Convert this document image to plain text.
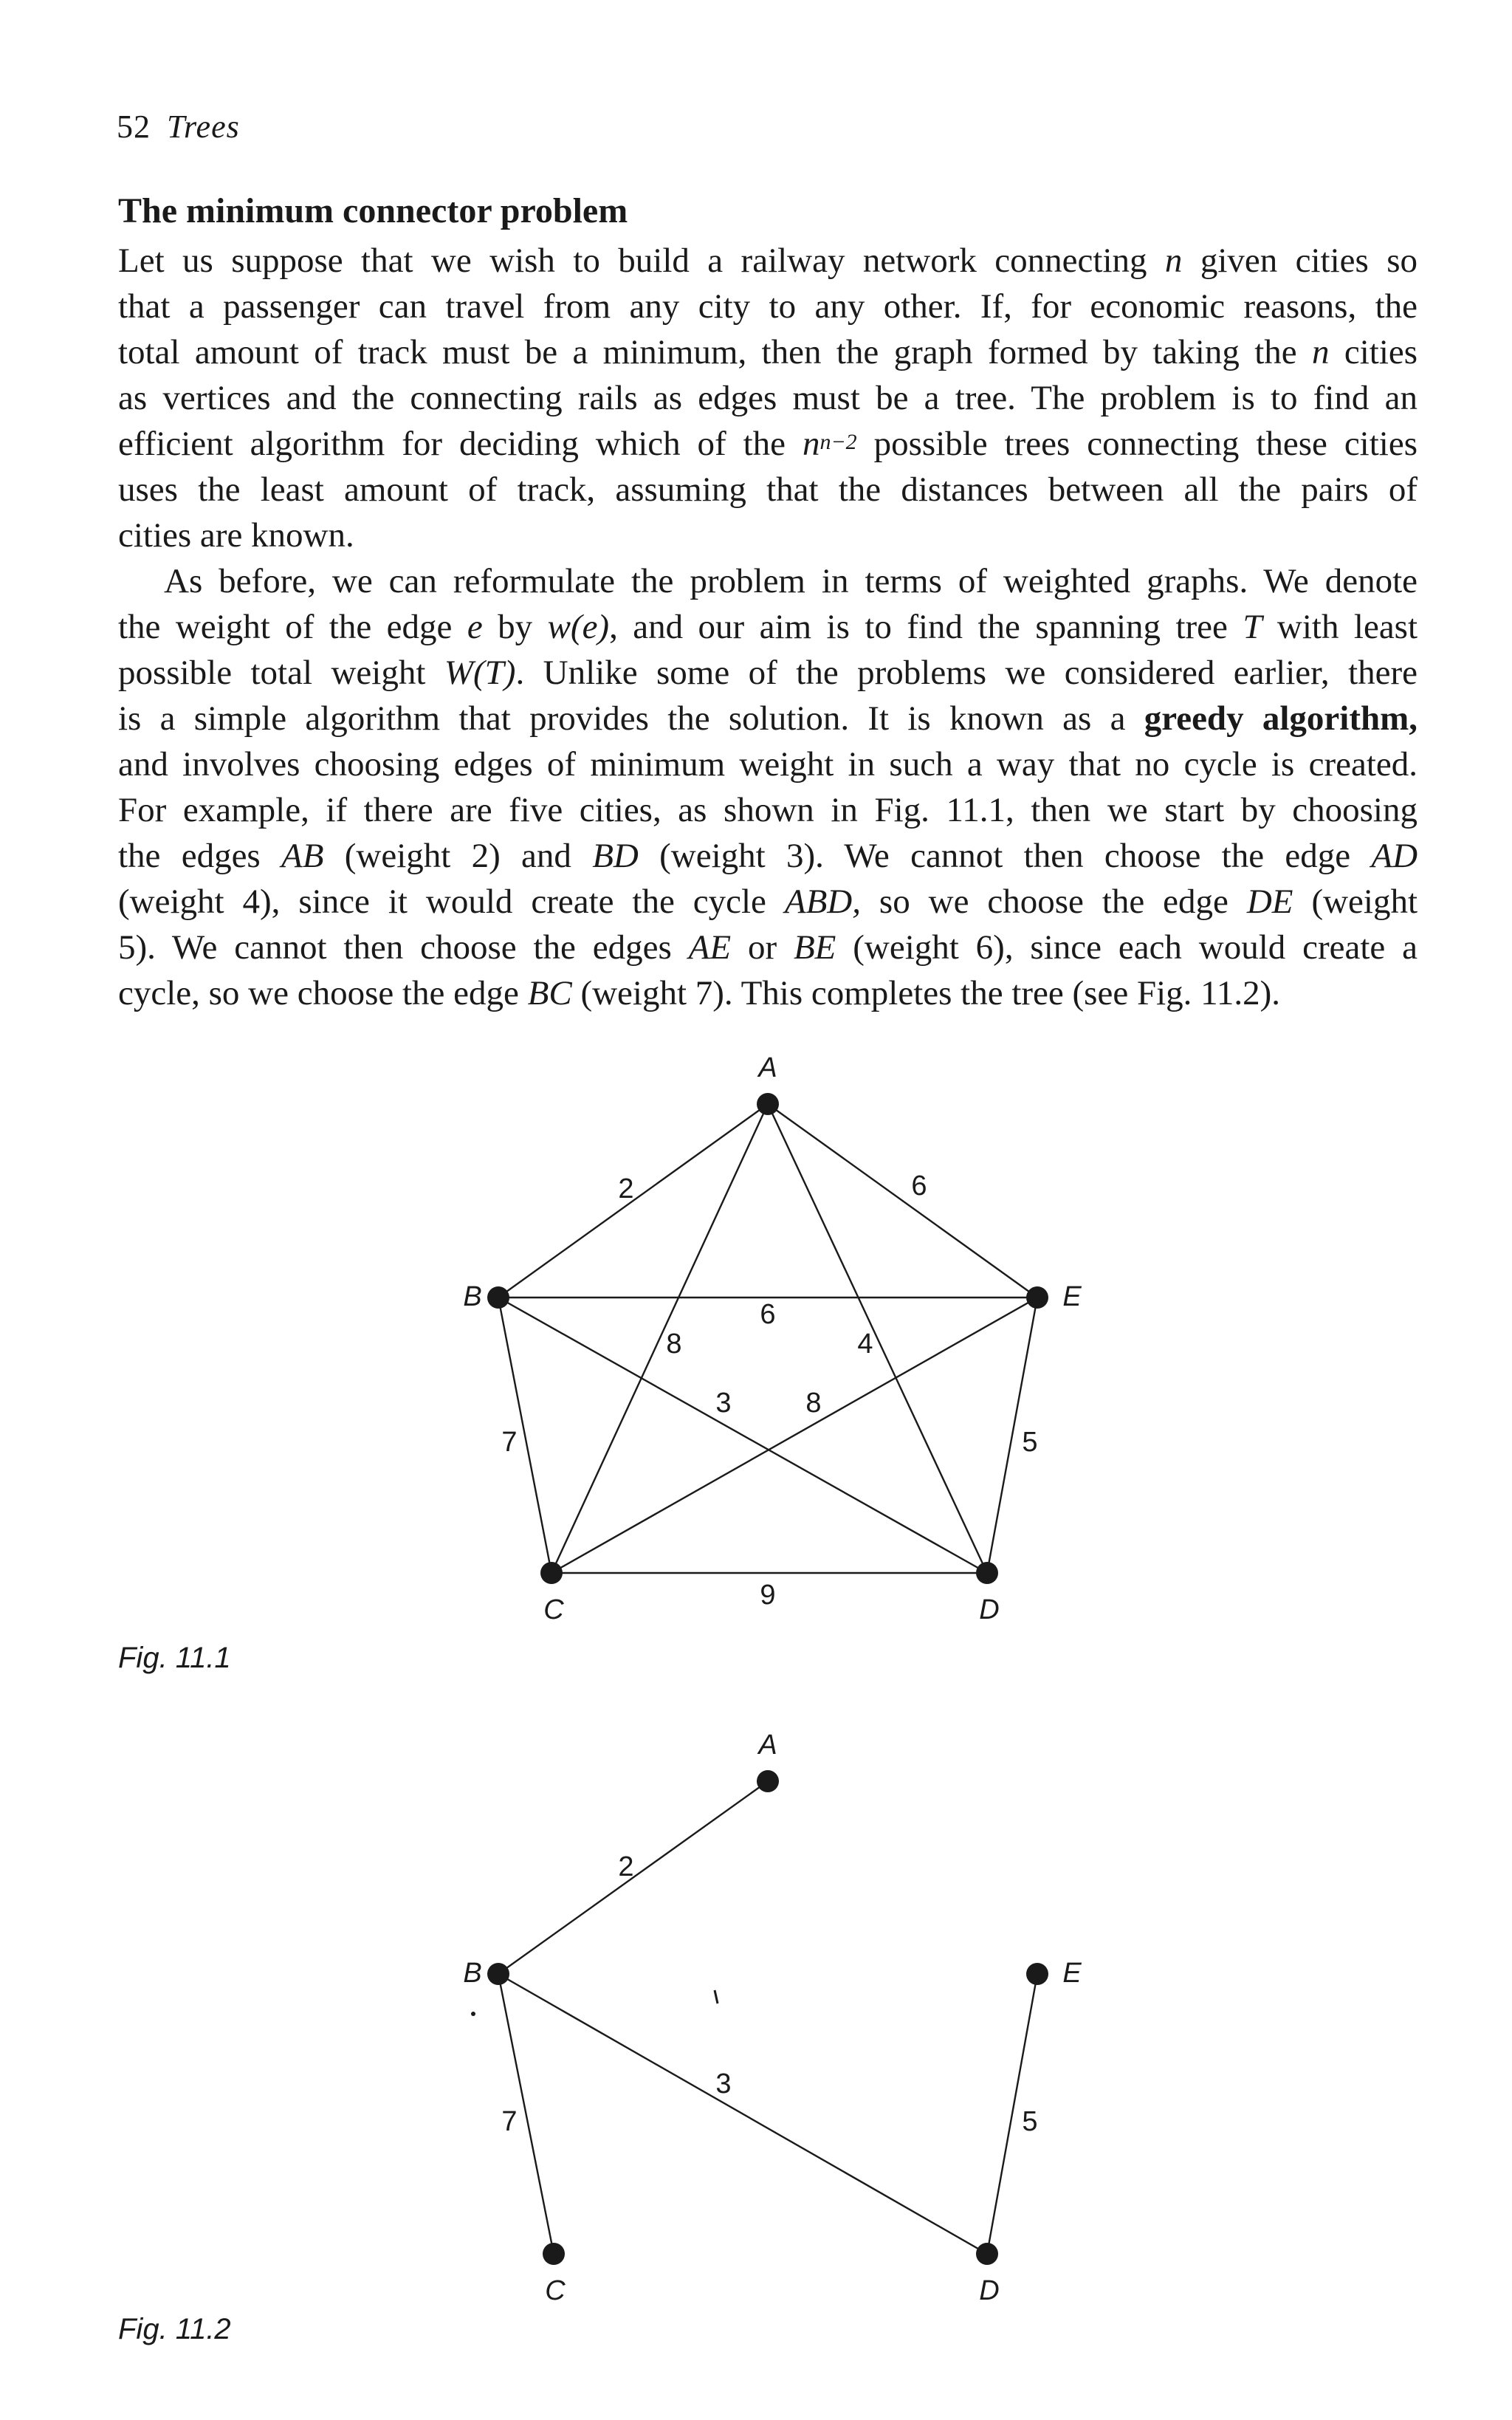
52 Trees
The minimum connector problem
Let us suppose that we wish to build a railway network connecting n given cities so
that a passenger can travel from any city to any other. If, for economic reasons, the
total amount of track must be a minimum, then the graph formed by taking the n cities
as vertices and the connecting rails as edges must be a tree. The problem is to find an
efficient algorithm for deciding which of the $n^{n-2}$ possible trees connecting these cities
uses the least amount of track, assuming that the distances between all the pairs of
cities are known.
As before, we can reformulate the problem in terms of weighted graphs. We denote
the weight of the edge e by w(e), and our aim is to find the spanning tree T with least
possible total weight W(T). Unlike some of the problems we considered earlier, there
is a simple algorithm that provides the solution. It is known as a greedy algorithm,
and involves choosing edges of minimum weight in such a way that no cycle is created.
For example, if there are five cities, as shown in Fig. 11.1, then we start by choosing
the edges AB (weight 2) and BD (weight 3). We cannot then choose the edge AD
(weight 4), since it would create the cycle ABD, so we choose the edge DE (weight
5). We cannot then choose the edges AE or BE (weight 6), since each would create a
cycle, so we choose the edge BC (weight 7). This completes the tree (see Fig. 11.2).
2	6
6
8	4
3	8
7	5
9
A
B
C	D
E
2
3
7	5
A
B
C	D
E
Fig. 11.1
Fig. 11.2
